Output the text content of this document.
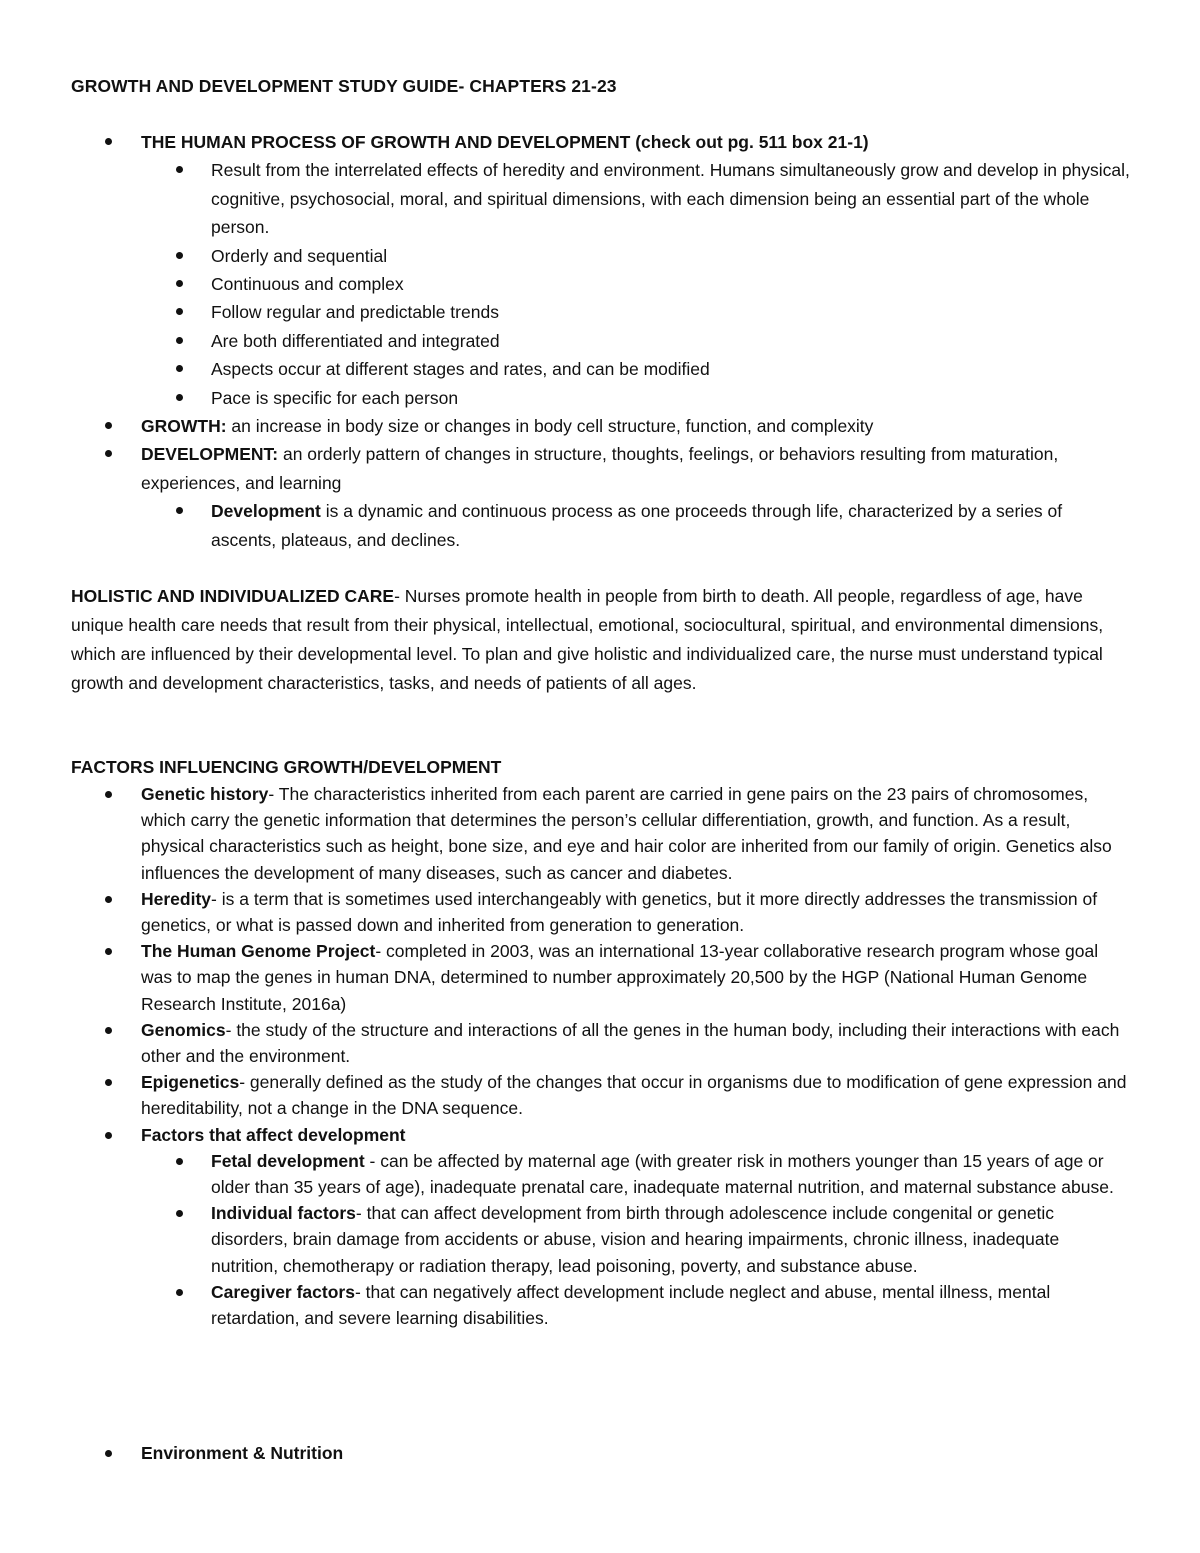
GROWTH AND DEVELOPMENT STUDY GUIDE- CHAPTERS 21-23
THE HUMAN PROCESS OF GROWTH AND DEVELOPMENT (check out pg. 511 box 21-1)
Result from the interrelated effects of heredity and environment. Humans simultaneously grow and develop in physical, cognitive, psychosocial, moral, and spiritual dimensions, with each dimension being an essential part of the whole person.
Orderly and sequential
Continuous and complex
Follow regular and predictable trends
Are both differentiated and integrated
Aspects occur at different stages and rates, and can be modified
Pace is specific for each person
GROWTH: an increase in body size or changes in body cell structure, function, and complexity
DEVELOPMENT: an orderly pattern of changes in structure, thoughts, feelings, or behaviors resulting from maturation, experiences, and learning
Development is a dynamic and continuous process as one proceeds through life, characterized by a series of ascents, plateaus, and declines.
HOLISTIC AND INDIVIDUALIZED CARE- Nurses promote health in people from birth to death. All people, regardless of age, have unique health care needs that result from their physical, intellectual, emotional, sociocultural, spiritual, and environmental dimensions, which are influenced by their developmental level. To plan and give holistic and individualized care, the nurse must understand typical growth and development characteristics, tasks, and needs of patients of all ages.
FACTORS INFLUENCING GROWTH/DEVELOPMENT
Genetic history- The characteristics inherited from each parent are carried in gene pairs on the 23 pairs of chromosomes, which carry the genetic information that determines the person’s cellular differentiation, growth, and function. As a result, physical characteristics such as height, bone size, and eye and hair color are inherited from our family of origin. Genetics also influences the development of many diseases, such as cancer and diabetes.
Heredity- is a term that is sometimes used interchangeably with genetics, but it more directly addresses the transmission of genetics, or what is passed down and inherited from generation to generation.
The Human Genome Project- completed in 2003, was an international 13-year collaborative research program whose goal was to map the genes in human DNA, determined to number approximately 20,500 by the HGP (National Human Genome Research Institute, 2016a)
Genomics- the study of the structure and interactions of all the genes in the human body, including their interactions with each other and the environment.
Epigenetics- generally defined as the study of the changes that occur in organisms due to modification of gene expression and hereditability, not a change in the DNA sequence.
Factors that affect development
Fetal development - can be affected by maternal age (with greater risk in mothers younger than 15 years of age or older than 35 years of age), inadequate prenatal care, inadequate maternal nutrition, and maternal substance abuse.
Individual factors- that can affect development from birth through adolescence include congenital or genetic disorders, brain damage from accidents or abuse, vision and hearing impairments, chronic illness, inadequate nutrition, chemotherapy or radiation therapy, lead poisoning, poverty, and substance abuse.
Caregiver factors- that can negatively affect development include neglect and abuse, mental illness, mental retardation, and severe learning disabilities.
Environment & Nutrition
